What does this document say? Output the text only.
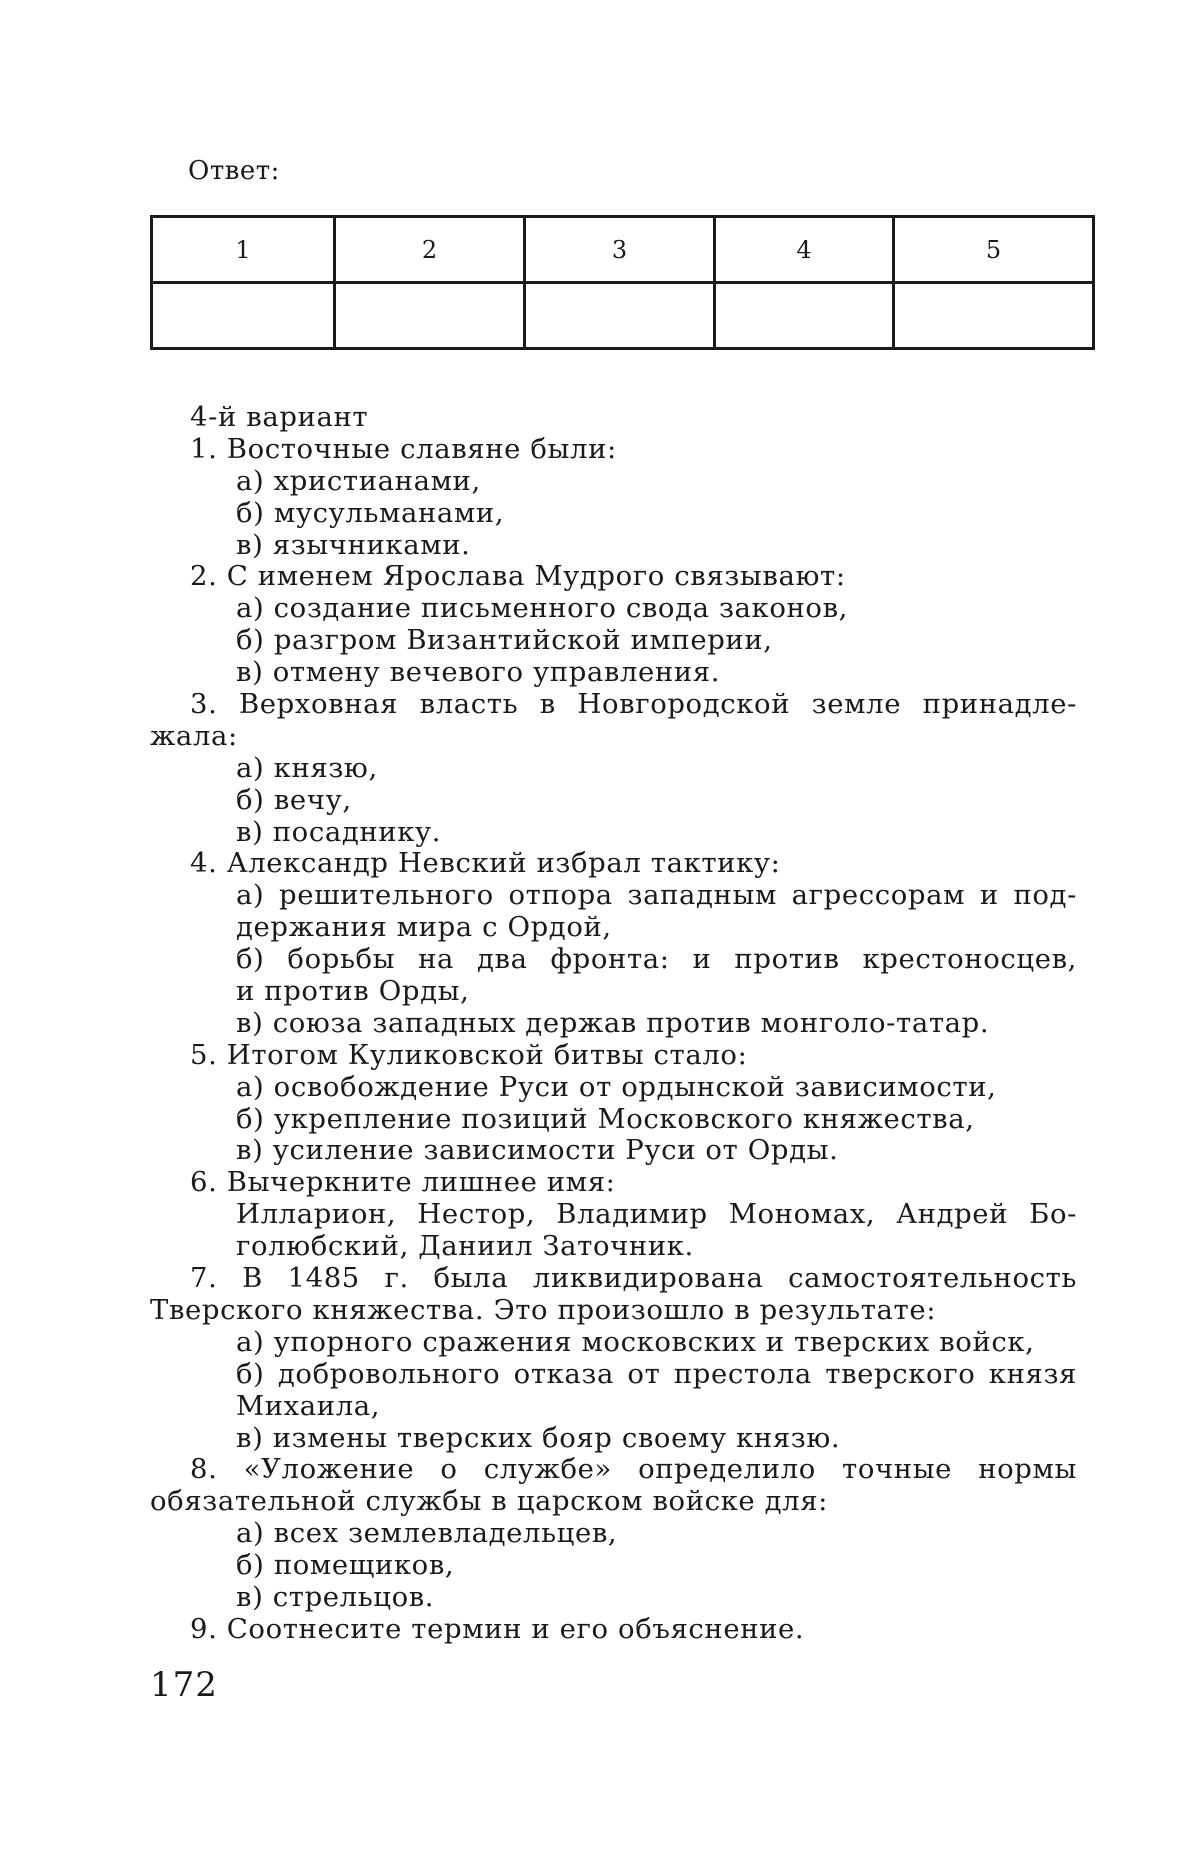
Ответ:
1	2	3	4	5

4-й вариант
1. Восточные славяне были:
а) христианами,
б) мусульманами,
в) язычниками.
2. С именем Ярослава Мудрого связывают:
а) создание письменного свода законов,
б) разгром Византийской империи,
в) отмену вечевого управления.
3. Верховная власть в Новгородской земле принадле-
жала:
а) князю,
б) вечу,
в) посаднику.
4. Александр Невский избрал тактику:
а) решительного отпора западным агрессорам и под-
держания мира с Ордой,
б) борьбы на два фронта: и против крестоносцев,
и против Орды,
в) союза западных держав против монголо-татар.
5. Итогом Куликовской битвы стало:
а) освобождение Руси от ордынской зависимости,
б) укрепление позиций Московского княжества,
в) усиление зависимости Руси от Орды.
6. Вычеркните лишнее имя:
Илларион, Нестор, Владимир Мономах, Андрей Бо-
голюбский, Даниил Заточник.
7. В 1485 г. была ликвидирована самостоятельность
Тверского княжества. Это произошло в результате:
а) упорного сражения московских и тверских войск,
б) добровольного отказа от престола тверского князя
Михаила,
в) измены тверских бояр своему князю.
8. «Уложение о службе» определило точные нормы
обязательной службы в царском войске для:
а) всех землевладельцев,
б) помещиков,
в) стрельцов.
9. Соотнесите термин и его объяснение.
172
